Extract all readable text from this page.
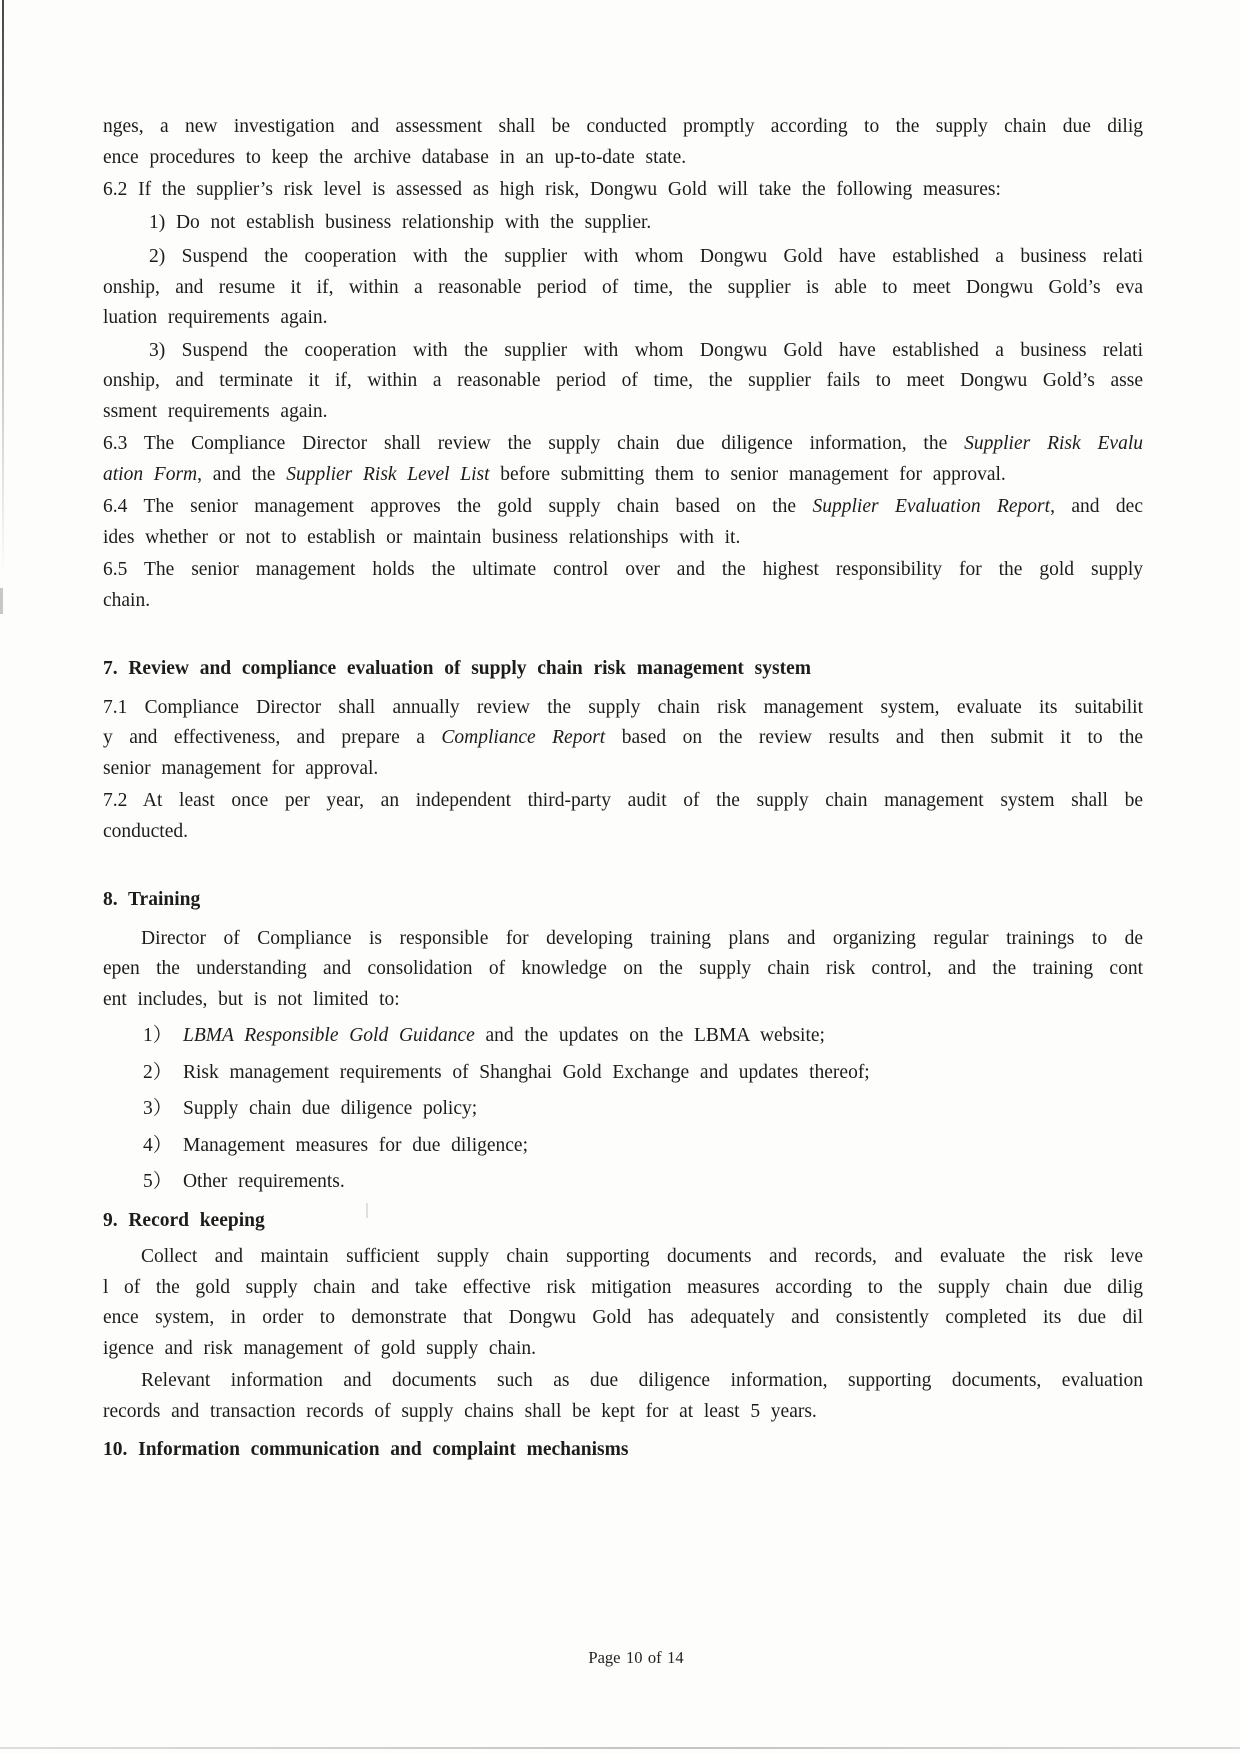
nges, a new investigation and assessment shall be conducted promptly according to the supply chain due dilig
ence procedures to keep the archive database in an up-to-date state.
6.2 If the supplier’s risk level is assessed as high risk, Dongwu Gold will take the following measures:
1) Do not establish business relationship with the supplier.
2) Suspend the cooperation with the supplier with whom Dongwu Gold have established a business relati
onship, and resume it if, within a reasonable period of time, the supplier is able to meet Dongwu Gold’s eva
luation requirements again.
3) Suspend the cooperation with the supplier with whom Dongwu Gold have established a business relati
onship, and terminate it if, within a reasonable period of time, the supplier fails to meet Dongwu Gold’s asse
ssment requirements again.
6.3 The Compliance Director shall review the supply chain due diligence information, the Supplier Risk Evalu
ation Form, and the Supplier Risk Level List before submitting them to senior management for approval.
6.4 The senior management approves the gold supply chain based on the Supplier Evaluation Report, and dec
ides whether or not to establish or maintain business relationships with it.
6.5 The senior management holds the ultimate control over and the highest responsibility for the gold supply
chain.
7. Review and compliance evaluation of supply chain risk management system
7.1 Compliance Director shall annually review the supply chain risk management system, evaluate its suitabilit
y and effectiveness, and prepare a Compliance Report based on the review results and then submit it to the
senior management for approval.
7.2 At least once per year, an independent third-party audit of the supply chain management system shall be
conducted.
8. Training
Director of Compliance is responsible for developing training plans and organizing regular trainings to de
epen the understanding and consolidation of knowledge on the supply chain risk control, and the training cont
ent includes, but is not limited to:
1） LBMA Responsible Gold Guidance and the updates on the LBMA website;
2） Risk management requirements of Shanghai Gold Exchange and updates thereof;
3） Supply chain due diligence policy;
4） Management measures for due diligence;
5） Other requirements.
9. Record keeping
Collect and maintain sufficient supply chain supporting documents and records, and evaluate the risk leve
l of the gold supply chain and take effective risk mitigation measures according to the supply chain due dilig
ence system, in order to demonstrate that Dongwu Gold has adequately and consistently completed its due dil
igence and risk management of gold supply chain.
Relevant information and documents such as due diligence information, supporting documents, evaluation
records and transaction records of supply chains shall be kept for at least 5 years.
10. Information communication and complaint mechanisms
Page 10 of 14
